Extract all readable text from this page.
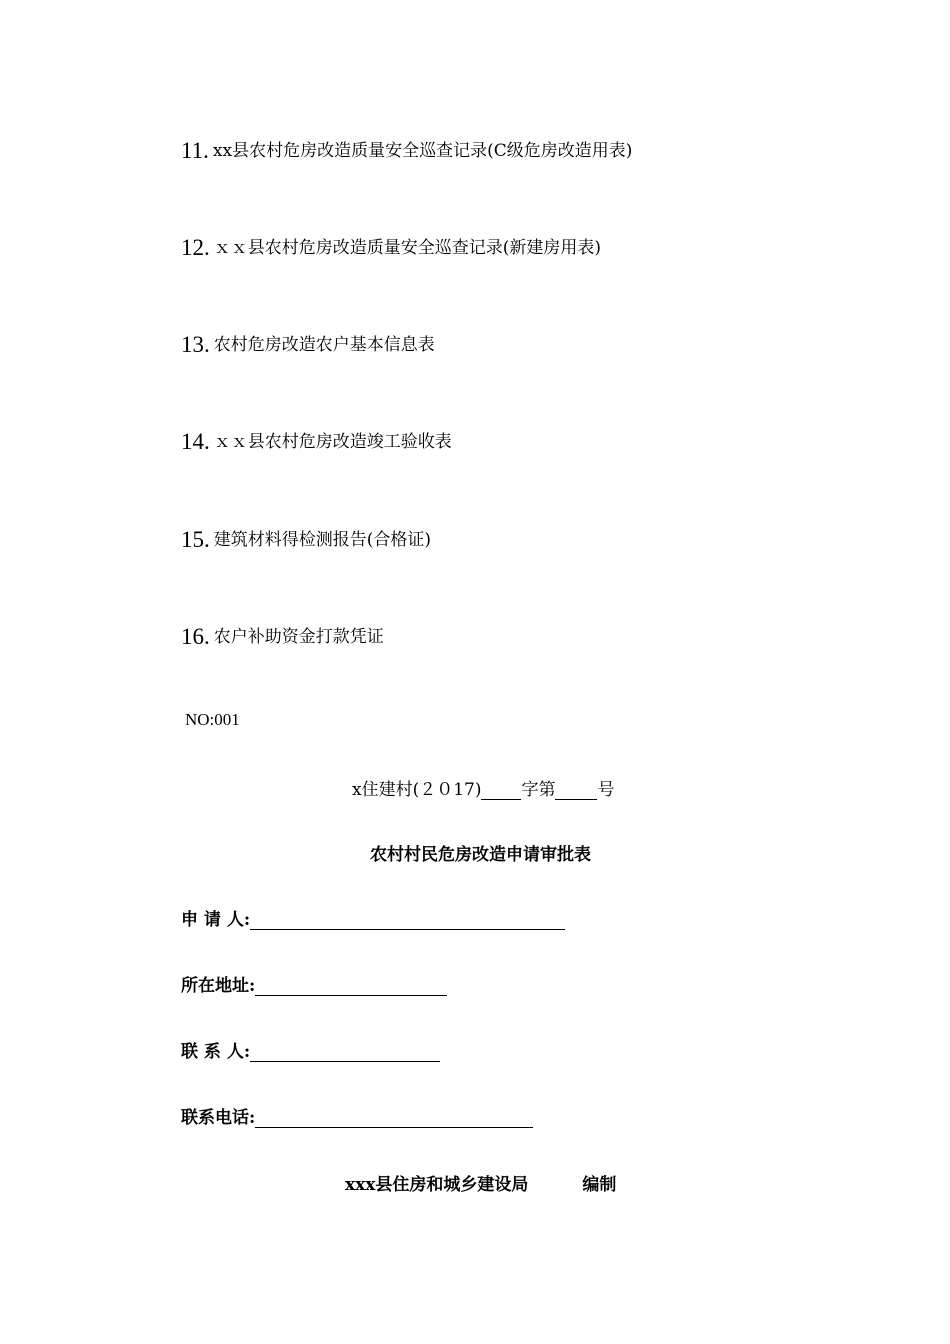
11. xx县农村危房改造质量安全巡查记录(C级危房改造用表)
12. ｘｘ县农村危房改造质量安全巡查记录(新建房用表)
13. 农村危房改造农户基本信息表
14. ｘｘ县农村危房改造竣工验收表
15. 建筑材料得检测报告(合格证)
16. 农户补助资金打款凭证
NO:001
x住建村(２０17) 字第 号
农村村民危房改造申请审批表
申 请 人:
所在地址:
联 系 人:
联系电话:
xxx县住房和城乡建设局	编制
